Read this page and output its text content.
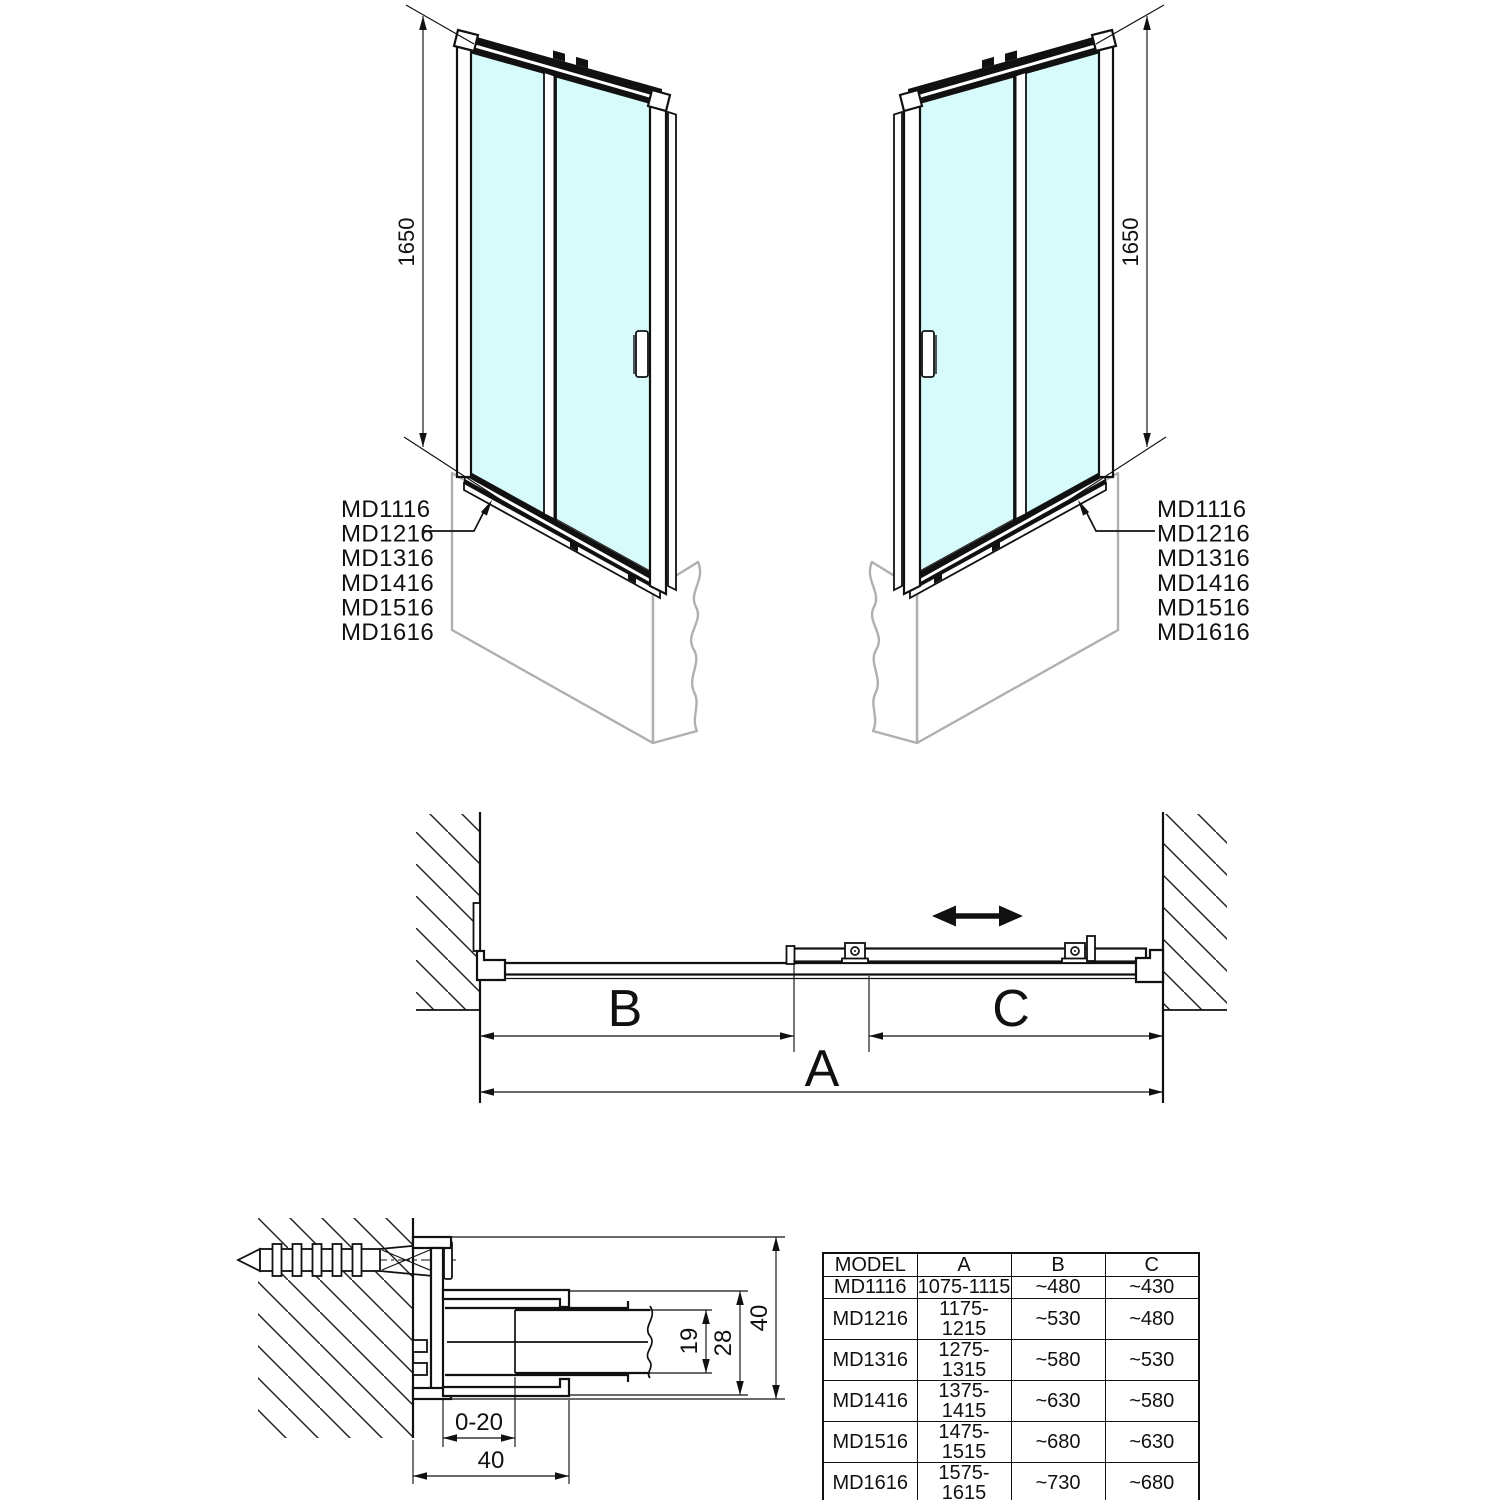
1650
MD1116
MD1216
MD1316
MD1416
MD1516
MD1616
1650
MD1116
MD1216
MD1316
MD1416
MD1516
MD1616
B	C
A
19 28
40
0-20
40
MODEL	A	B	C
MD1116	1075-1115	~480	~430
MD1216	1175-1215	~530	~480
MD1316	1275-1315	~580	~530
MD1416	1375-1415	~630	~580
MD1516	1475-1515	~680	~630
MD1616	1575-1615	~730	~680
